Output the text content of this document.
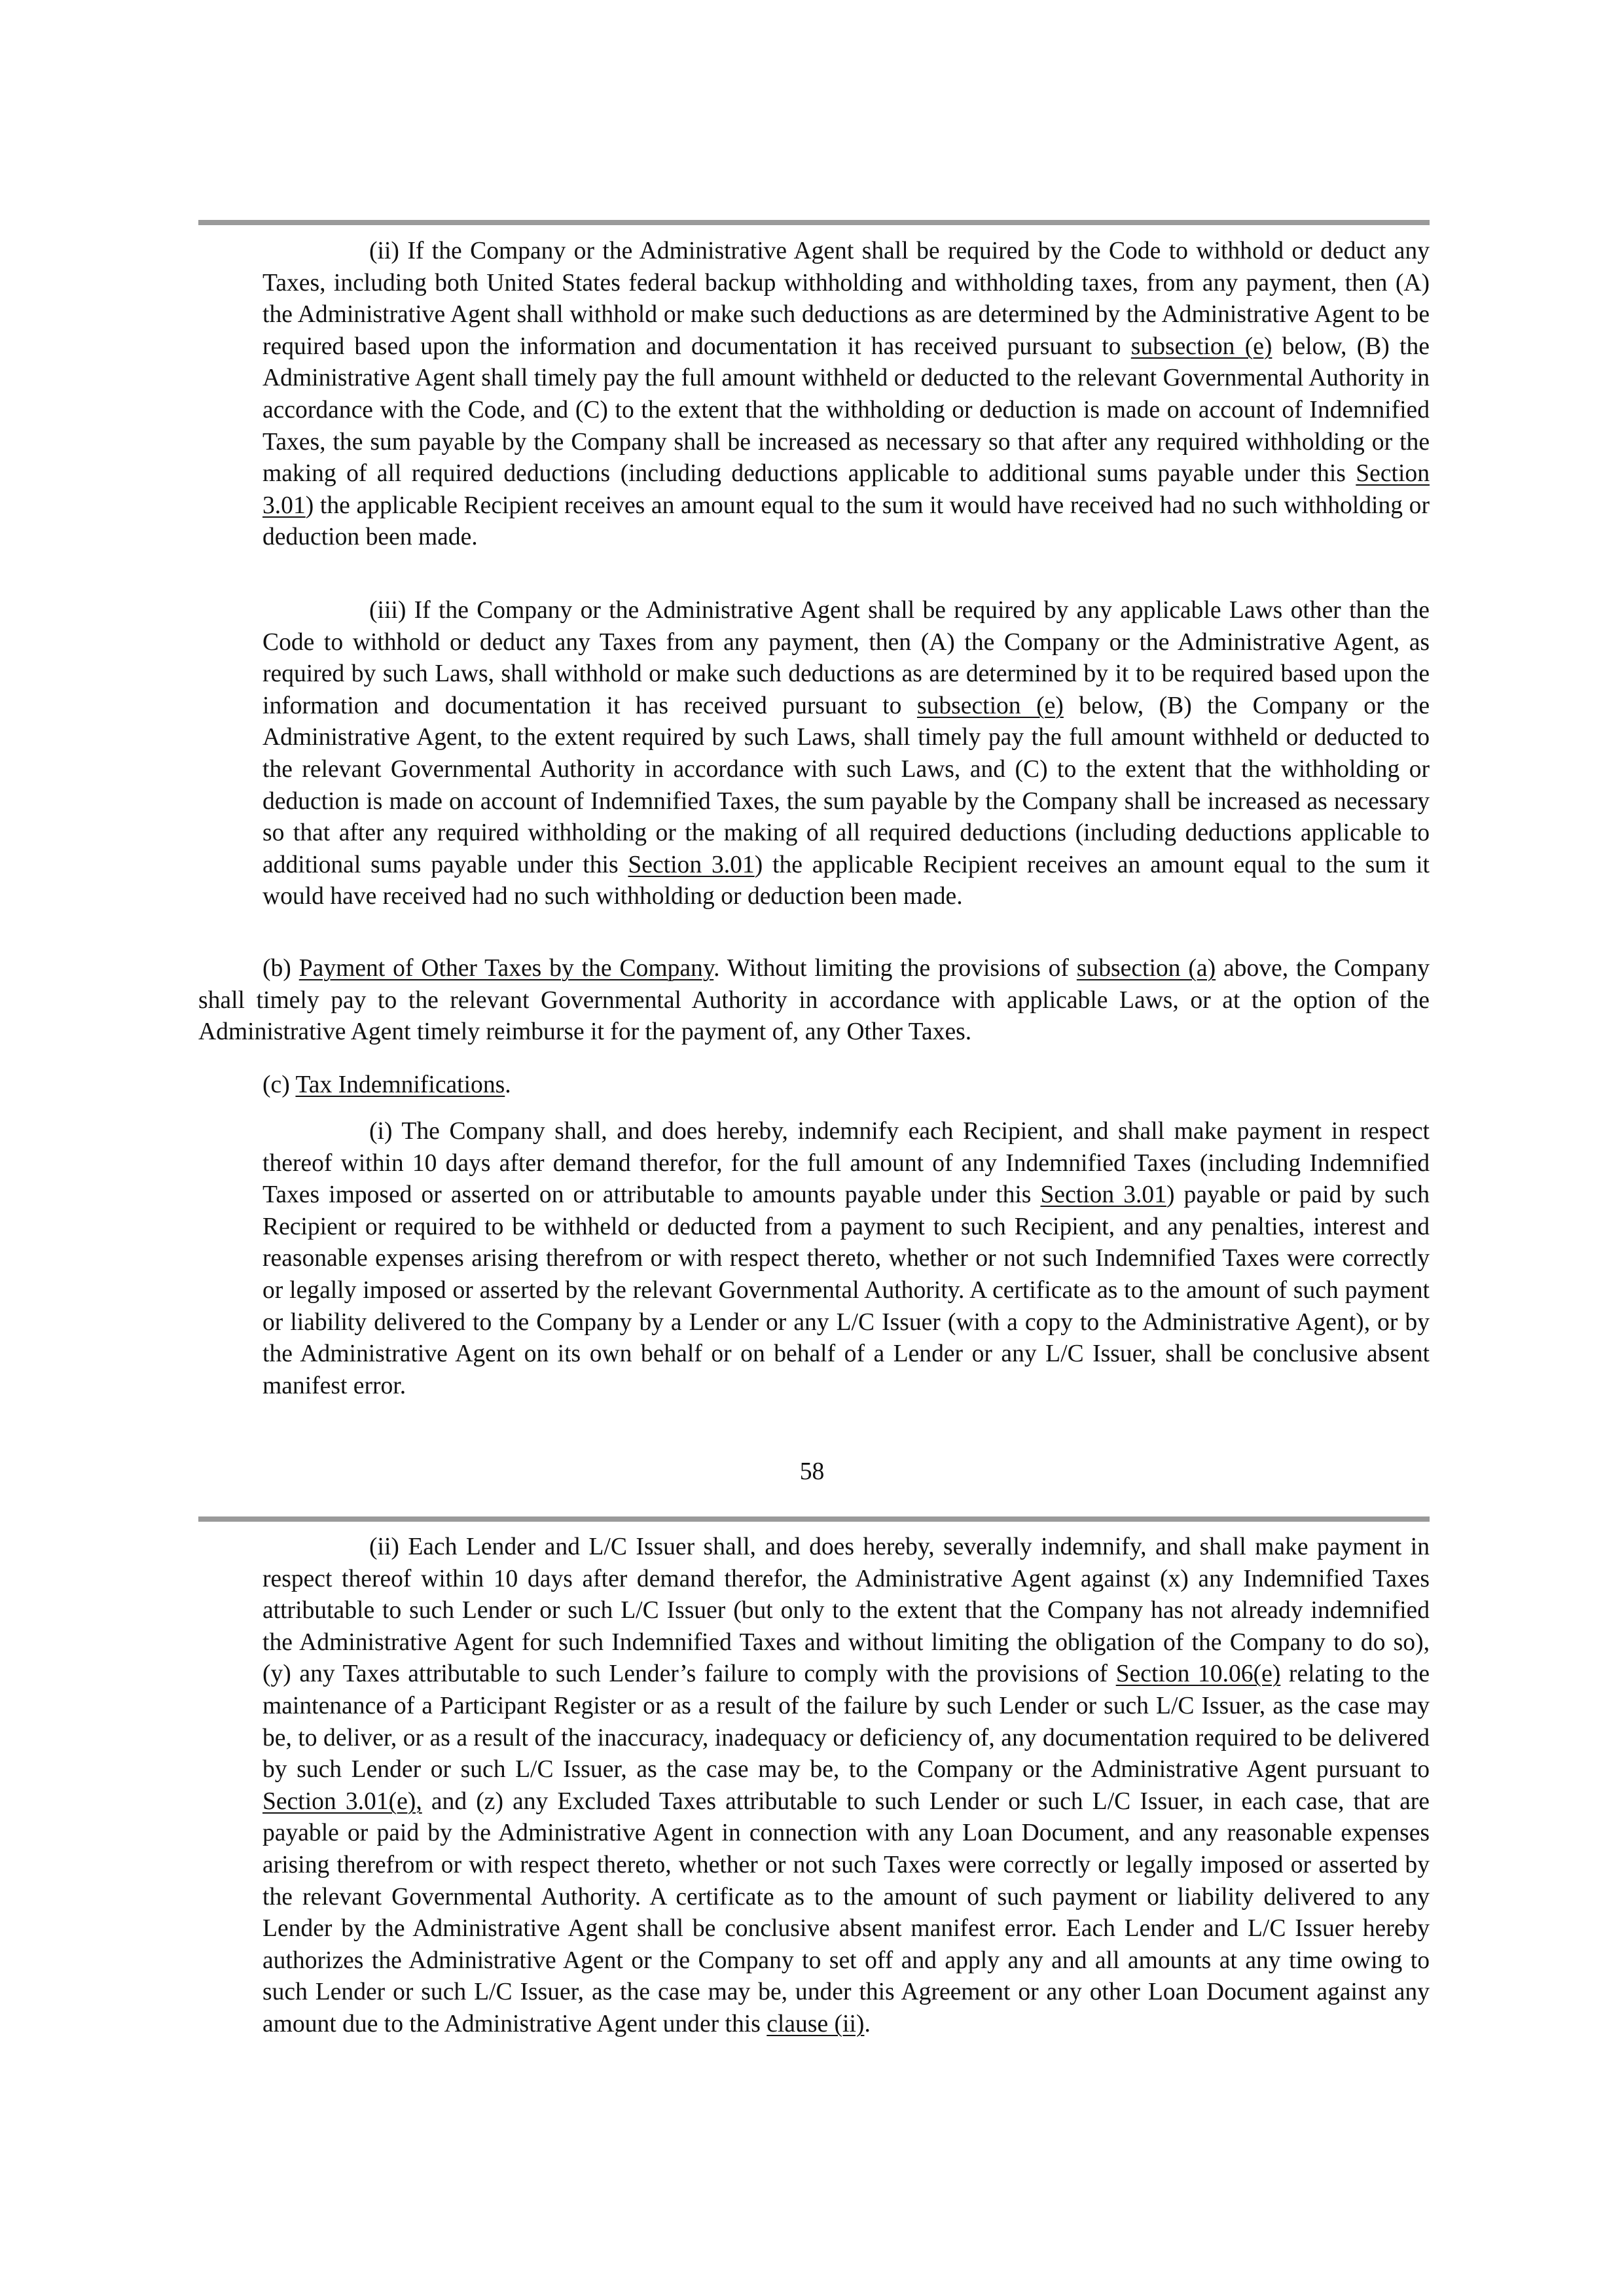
(ii) If the Company or the Administrative Agent shall be required by the Code to withhold or deduct any Taxes, including both United States federal backup withholding and withholding taxes, from any payment, then (A) the Administrative Agent shall withhold or make such deductions as are determined by the Administrative Agent to be required based upon the information and documentation it has received pursuant to subsection (e) below, (B) the Administrative Agent shall timely pay the full amount withheld or deducted to the relevant Governmental Authority in accordance with the Code, and (C) to the extent that the withholding or deduction is made on account of Indemnified Taxes, the sum payable by the Company shall be increased as necessary so that after any required withholding or the making of all required deductions (including deductions applicable to additional sums payable under this Section 3.01) the applicable Recipient receives an amount equal to the sum it would have received had no such withholding or deduction been made.

(iii) If the Company or the Administrative Agent shall be required by any applicable Laws other than the Code to withhold or deduct any Taxes from any payment, then (A) the Company or the Administrative Agent, as required by such Laws, shall withhold or make such deductions as are determined by it to be required based upon the information and documentation it has received pursuant to subsection (e) below, (B) the Company or the Administrative Agent, to the extent required by such Laws, shall timely pay the full amount withheld or deducted to the relevant Governmental Authority in accordance with such Laws, and (C) to the extent that the withholding or deduction is made on account of Indemnified Taxes, the sum payable by the Company shall be increased as necessary so that after any required withholding or the making of all required deductions (including deductions applicable to additional sums payable under this Section 3.01) the applicable Recipient receives an amount equal to the sum it would have received had no such withholding or deduction been made.

(b) Payment of Other Taxes by the Company. Without limiting the provisions of subsection (a) above, the Company shall timely pay to the relevant Governmental Authority in accordance with applicable Laws, or at the option of the Administrative Agent timely reimburse it for the payment of, any Other Taxes.

(c) Tax Indemnifications.

(i) The Company shall, and does hereby, indemnify each Recipient, and shall make payment in respect thereof within 10 days after demand therefor, for the full amount of any Indemnified Taxes (including Indemnified Taxes imposed or asserted on or attributable to amounts payable under this Section 3.01) payable or paid by such Recipient or required to be withheld or deducted from a payment to such Recipient, and any penalties, interest and reasonable expenses arising therefrom or with respect thereto, whether or not such Indemnified Taxes were correctly or legally imposed or asserted by the relevant Governmental Authority. A certificate as to the amount of such payment or liability delivered to the Company by a Lender or any L/C Issuer (with a copy to the Administrative Agent), or by the Administrative Agent on its own behalf or on behalf of a Lender or any L/C Issuer, shall be conclusive absent manifest error.

58

(ii) Each Lender and L/C Issuer shall, and does hereby, severally indemnify, and shall make payment in respect thereof within 10 days after demand therefor, the Administrative Agent against (x) any Indemnified Taxes attributable to such Lender or such L/C Issuer (but only to the extent that the Company has not already indemnified the Administrative Agent for such Indemnified Taxes and without limiting the obligation of the Company to do so), (y) any Taxes attributable to such Lender’s failure to comply with the provisions of Section 10.06(e) relating to the maintenance of a Participant Register or as a result of the failure by such Lender or such L/C Issuer, as the case may be, to deliver, or as a result of the inaccuracy, inadequacy or deficiency of, any documentation required to be delivered by such Lender or such L/C Issuer, as the case may be, to the Company or the Administrative Agent pursuant to Section 3.01(e), and (z) any Excluded Taxes attributable to such Lender or such L/C Issuer, in each case, that are payable or paid by the Administrative Agent in connection with any Loan Document, and any reasonable expenses arising therefrom or with respect thereto, whether or not such Taxes were correctly or legally imposed or asserted by the relevant Governmental Authority. A certificate as to the amount of such payment or liability delivered to any Lender by the Administrative Agent shall be conclusive absent manifest error. Each Lender and L/C Issuer hereby authorizes the Administrative Agent or the Company to set off and apply any and all amounts at any time owing to such Lender or such L/C Issuer, as the case may be, under this Agreement or any other Loan Document against any amount due to the Administrative Agent under this clause (ii).
